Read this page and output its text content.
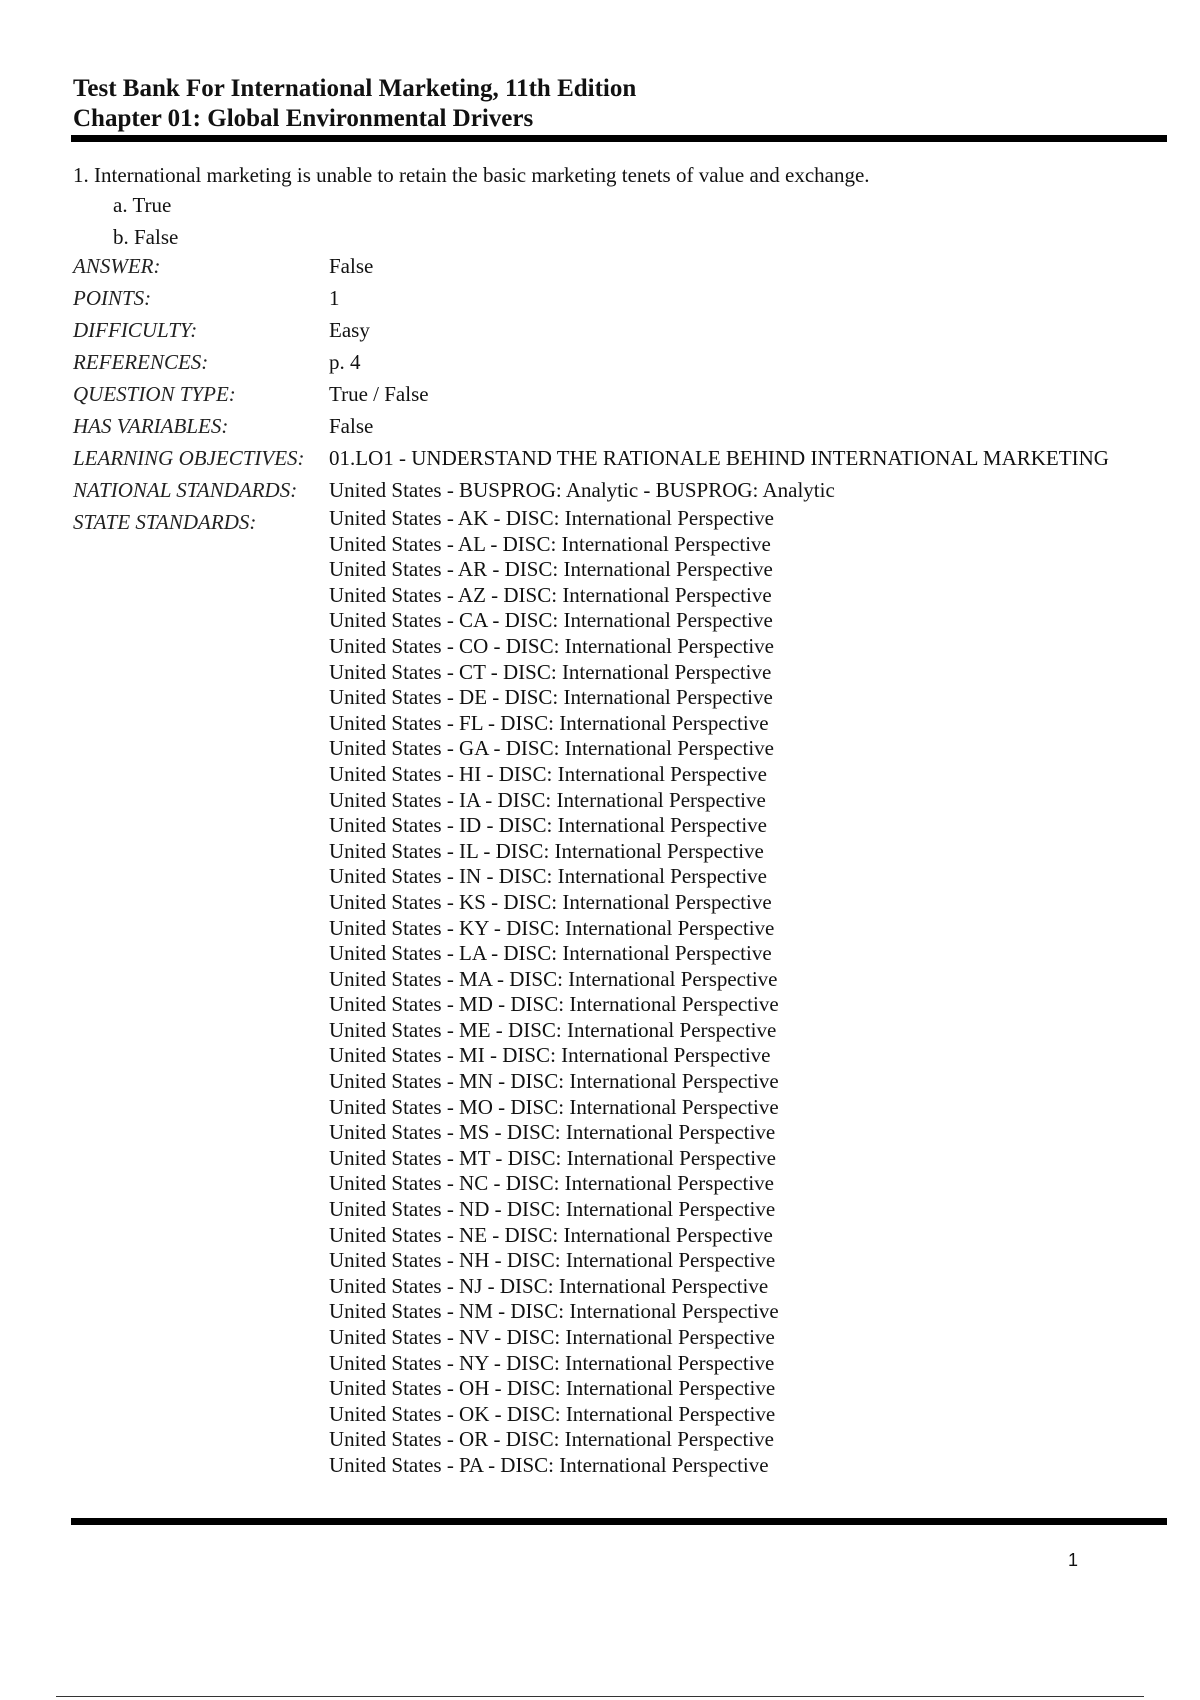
Test Bank For International Marketing, 11th Edition
Chapter 01: Global Environmental Drivers
1. International marketing is unable to retain the basic marketing tenets of value and exchange.
a. True
b. False
ANSWER:	False
POINTS:	1
DIFFICULTY:	Easy
REFERENCES:	p. 4
QUESTION TYPE:	True / False
HAS VARIABLES:	False
LEARNING OBJECTIVES:	01.LO1 - UNDERSTAND THE RATIONALE BEHIND INTERNATIONAL MARKETING
NATIONAL STANDARDS:	United States - BUSPROG: Analytic - BUSPROG: Analytic
STATE STANDARDS:	United States - AK - DISC: International Perspective
United States - AL - DISC: International Perspective
United States - AR - DISC: International Perspective
United States - AZ - DISC: International Perspective
United States - CA - DISC: International Perspective
United States - CO - DISC: International Perspective
United States - CT - DISC: International Perspective
United States - DE - DISC: International Perspective
United States - FL - DISC: International Perspective
United States - GA - DISC: International Perspective
United States - HI - DISC: International Perspective
United States - IA - DISC: International Perspective
United States - ID - DISC: International Perspective
United States - IL - DISC: International Perspective
United States - IN - DISC: International Perspective
United States - KS - DISC: International Perspective
United States - KY - DISC: International Perspective
United States - LA - DISC: International Perspective
United States - MA - DISC: International Perspective
United States - MD - DISC: International Perspective
United States - ME - DISC: International Perspective
United States - MI - DISC: International Perspective
United States - MN - DISC: International Perspective
United States - MO - DISC: International Perspective
United States - MS - DISC: International Perspective
United States - MT - DISC: International Perspective
United States - NC - DISC: International Perspective
United States - ND - DISC: International Perspective
United States - NE - DISC: International Perspective
United States - NH - DISC: International Perspective
United States - NJ - DISC: International Perspective
United States - NM - DISC: International Perspective
United States - NV - DISC: International Perspective
United States - NY - DISC: International Perspective
United States - OH - DISC: International Perspective
United States - OK - DISC: International Perspective
United States - OR - DISC: International Perspective
United States - PA - DISC: International Perspective
1
